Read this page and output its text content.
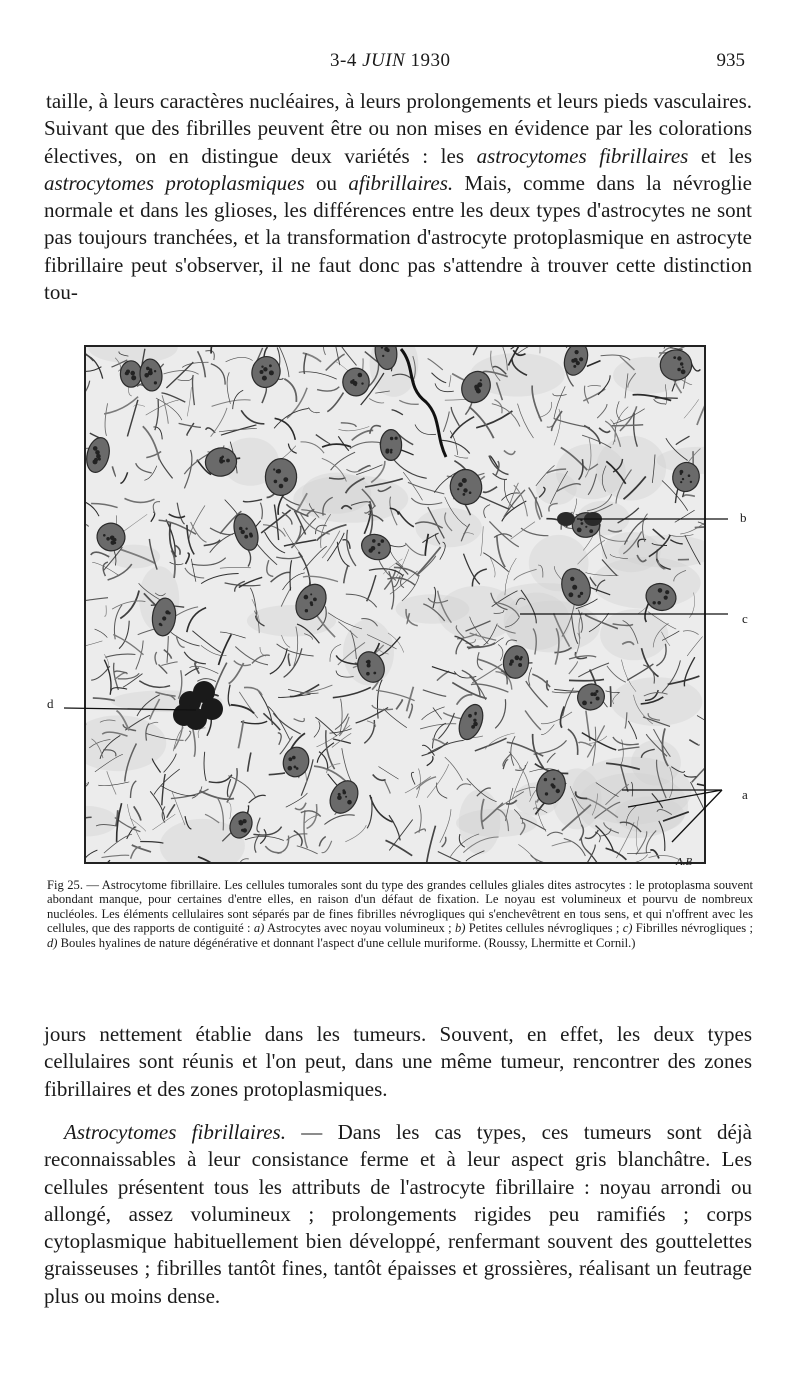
3-4 JUIN 1930	935

taille, à leurs caractères nucléaires, à leurs prolongements et leurs pieds vasculaires. Suivant que des fibrilles peuvent être ou non mises en évidence par les colorations électives, on en distingue deux variétés : les astrocytomes fibrillaires et les astrocytomes protoplasmiques ou afibrillaires. Mais, comme dans la névroglie normale et dans les glioses, les différences entre les deux types d'astrocytes ne sont pas toujours tranchées, et la transformation d'astrocyte protoplasmique en astrocyte fibrillaire peut s'observer, il ne faut donc pas s'attendre à trouver cette distinction tou-

b
c
d
a
A.B
Fig 25. — Astrocytome fibrillaire. Les cellules tumorales sont du type des grandes cellules gliales dites astrocytes : le protoplasma souvent abondant manque, pour certaines d'entre elles, en raison d'un défaut de fixation. Le noyau est volumineux et pourvu de nombreux nucléoles. Les éléments cellulaires sont séparés par de fines fibrilles névrogliques qui s'enchevêtrent en tous sens, et qui n'offrent avec les cellules, que des rapports de contiguité : a) Astrocytes avec noyau volumineux ; b) Petites cellules névrogliques ; c) Fibrilles névrogliques ; d) Boules hyalines de nature dégénérative et donnant l'aspect d'une cellule muriforme. (Roussy, Lhermitte et Cornil.)

jours nettement établie dans les tumeurs. Souvent, en effet, les deux types cellulaires sont réunis et l'on peut, dans une même tumeur, rencontrer des zones fibrillaires et des zones protoplasmiques.

Astrocytomes fibrillaires. — Dans les cas types, ces tumeurs sont déjà reconnaissables à leur consistance ferme et à leur aspect gris blanchâtre. Les cellules présentent tous les attributs de l'astrocyte fibrillaire : noyau arrondi ou allongé, assez volumineux ; prolongements rigides peu ramifiés ; corps cytoplasmique habituellement bien développé, renfermant souvent des gouttelettes graisseuses ; fibrilles tantôt fines, tantôt épaisses et grossières, réalisant un feutrage plus ou moins dense.
